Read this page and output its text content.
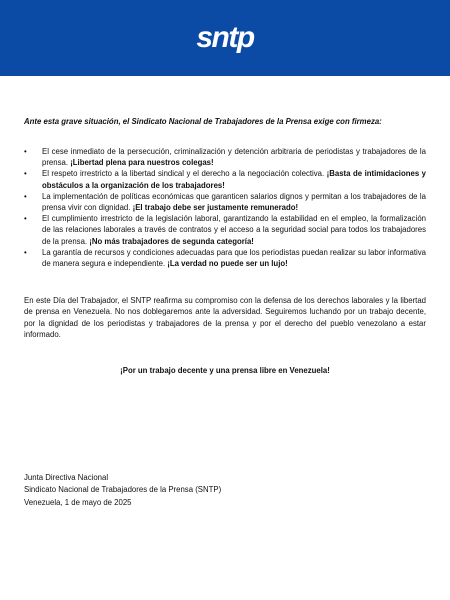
sntp

Ante esta grave situación, el Sindicato Nacional de Trabajadores de la Prensa exige con firmeza:

• El cese inmediato de la persecución, criminalización y detención arbitraria de periodistas y trabajadores de la prensa. ¡Libertad plena para nuestros colegas!
• El respeto irrestricto a la libertad sindical y el derecho a la negociación colectiva. ¡Basta de intimidaciones y obstáculos a la organización de los trabajadores!
• La implementación de políticas económicas que garanticen salarios dignos y permitan a los trabajadores de la prensa vivir con dignidad. ¡El trabajo debe ser justamente remunerado!
• El cumplimiento irrestricto de la legislación laboral, garantizando la estabilidad en el empleo, la formalización de las relaciones laborales a través de contratos y el acceso a la seguridad social para todos los trabajadores de la prensa. ¡No más trabajadores de segunda categoría!
• La garantía de recursos y condiciones adecuadas para que los periodistas puedan realizar su labor informativa de manera segura e independiente. ¡La verdad no puede ser un lujo!

En este Día del Trabajador, el SNTP reafirma su compromiso con la defensa de los derechos laborales y la libertad de prensa en Venezuela. No nos doblegaremos ante la adversidad. Seguiremos luchando por un trabajo decente, por la dignidad de los periodistas y trabajadores de la prensa y por el derecho del pueblo venezolano a estar informado.

¡Por un trabajo decente y una prensa libre en Venezuela!

Junta Directiva Nacional
Sindicato Nacional de Trabajadores de la Prensa (SNTP)
Venezuela, 1 de mayo de 2025
